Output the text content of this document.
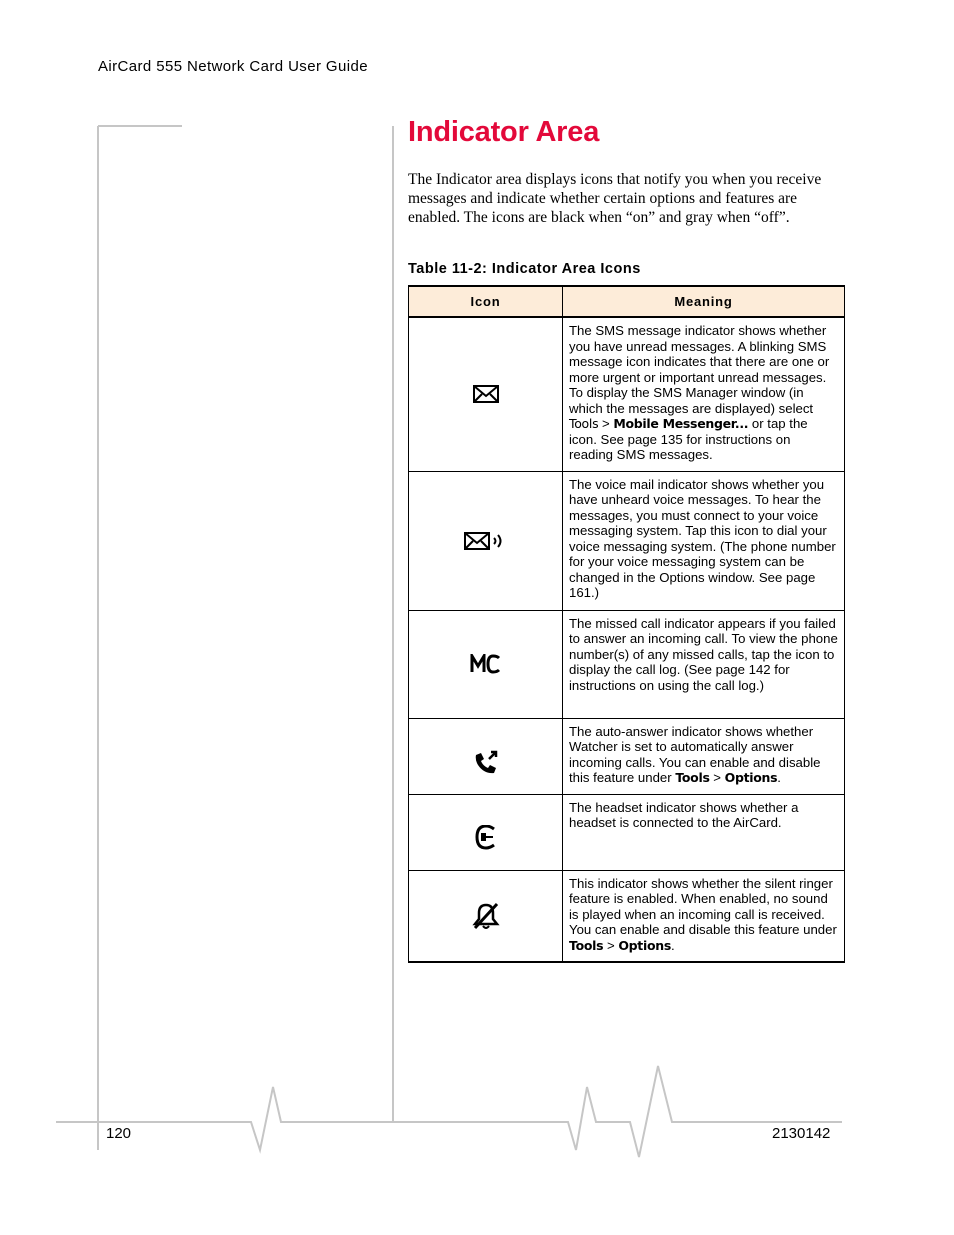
AirCard 555 Network Card User Guide
Indicator Area

The Indicator area displays icons that notify you when you receive messages and indicate whether certain options and features are enabled. The icons are black when “on” and gray when “off”.

Table 11-2: Indicator Area Icons
Icon	Meaning

	The SMS message indicator shows whether you have unread messages. A blinking SMS message icon indicates that there are one or more urgent or important unread messages. To display the SMS Manager window (in which the messages are displayed) select Tools > Mobile Messenger... or tap the icon. See page 135 for instructions on reading SMS messages.

	The voice mail indicator shows whether you have unheard voice messages. To hear the messages, you must connect to your voice messaging system. Tap this icon to dial your voice messaging system. (The phone number for your voice messaging system can be changed in the Options window. See page 161.)

	The missed call indicator appears if you failed to answer an incoming call. To view the phone number(s) of any missed calls, tap the icon to display the call log. (See page 142 for instructions on using the call log.)

	The auto-answer indicator shows whether Watcher is set to automatically answer incoming calls. You can enable and disable this feature under Tools > Options.

	The headset indicator shows whether a headset is connected to the AirCard.

	This indicator shows whether the silent ringer feature is enabled. When enabled, no sound is played when an incoming call is received. You can enable and disable this feature under Tools > Options.
120	2130142
